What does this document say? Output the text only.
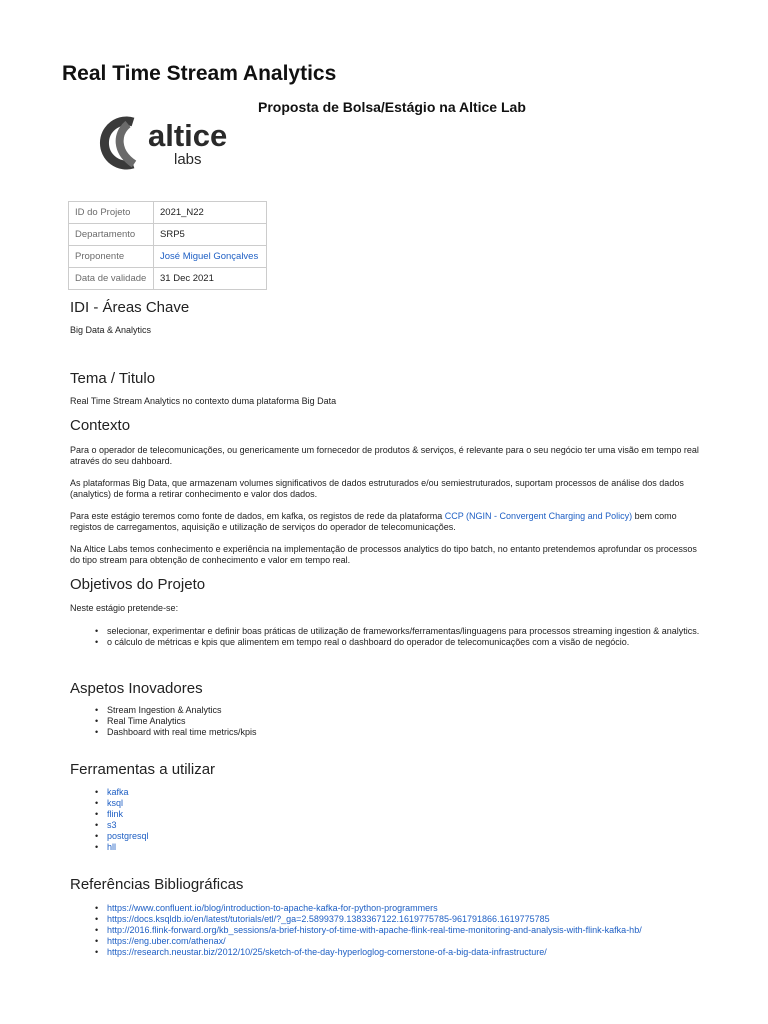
Real Time Stream Analytics
Proposta de Bolsa/Estágio na Altice Lab
altice
labs
ID do Projeto	2021_N22
Departamento	SRP5
Proponente	José Miguel Gonçalves
Data de validade	31 Dec 2021
IDI - Áreas Chave

Big Data & Analytics

Tema / Titulo

Real Time Stream Analytics no contexto duma plataforma Big Data

Contexto

Para o operador de telecomunicações, ou genericamente um fornecedor de produtos & serviços, é relevante para o seu negócio ter uma visão em tempo real através do seu dahboard.

As plataformas Big Data, que armazenam volumes significativos de dados estruturados e/ou semiestruturados, suportam processos de análise dos dados (analytics) de forma a retirar conhecimento e valor dos dados.

Para este estágio teremos como fonte de dados, em kafka, os registos de rede da plataforma CCP (NGIN - Convergent Charging and Policy) bem como registos de carregamentos, aquisição e utilização de serviços do operador de telecomunicações.

Na Altice Labs temos conhecimento e experiência na implementação de processos analytics do tipo batch, no entanto pretendemos aprofundar os processos do tipo stream para obtenção de conhecimento e valor em tempo real.

Objetivos do Projeto

Neste estágio pretende-se:

• selecionar, experimentar e definir boas práticas de utilização de frameworks/ferramentas/linguagens para processos streaming ingestion & analytics.
• o cálculo de métricas e kpis que alimentem em tempo real o dashboard do operador de telecomunicações com a visão de negócio.
Aspetos Inovadores
• Stream Ingestion & Analytics
• Real Time Analytics
• Dashboard with real time metrics/kpis
Ferramentas a utilizar
• kafka
• ksql
• flink
• s3
• postgresql
• hll
Referências Bibliográficas
• https://www.confluent.io/blog/introduction-to-apache-kafka-for-python-programmers
• https://docs.ksqldb.io/en/latest/tutorials/etl/?_ga=2.5899379.1383367122.1619775785-961791866.1619775785
• http://2016.flink-forward.org/kb_sessions/a-brief-history-of-time-with-apache-flink-real-time-monitoring-and-analysis-with-flink-kafka-hb/
• https://eng.uber.com/athenax/
• https://research.neustar.biz/2012/10/25/sketch-of-the-day-hyperloglog-cornerstone-of-a-big-data-infrastructure/
